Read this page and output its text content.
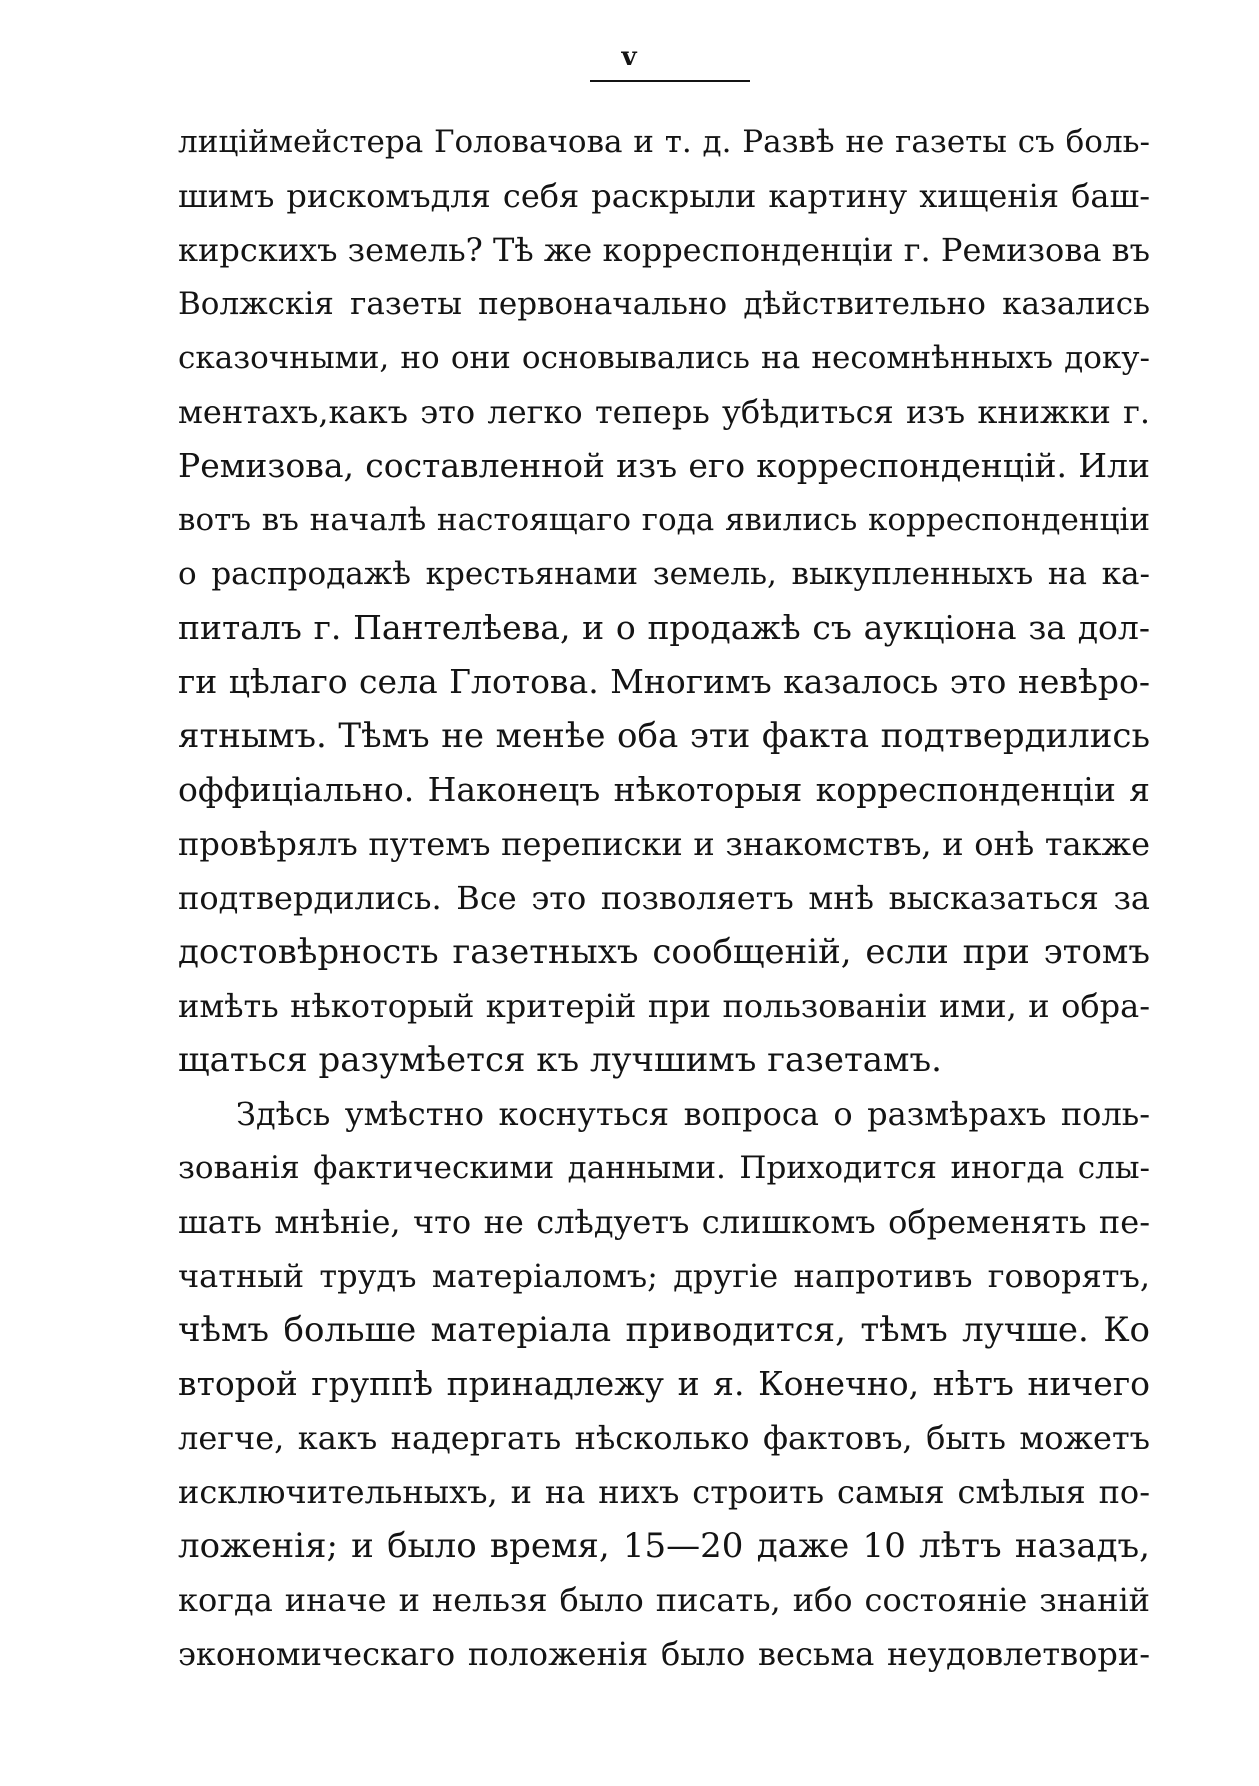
v
лицiймейстера Головачова и т. д. Развѣ не газеты съ боль-
шимъ рискомъдля себя раскрыли картину хищенiя баш-
кирскихъ земель? Тѣ же корреспонденцiи г. Ремизова въ
Волжскiя газеты первоначально дѣйствительно казались
сказочными, но они основывались на несомнѣнныхъ доку-
ментахъ,какъ это легко теперь убѣдиться изъ книжки г.
Ремизова, составленной изъ его корреспонденцiй. Или
вотъ въ началѣ настоящаго года явились корреспонденцiи
о распродажѣ крестьянами земель, выкупленныхъ на ка-
питалъ г. Пантелѣева, и о продажѣ съ аукцiона за дол-
ги цѣлаго села Глотова. Многимъ казалось это невѣро-
ятнымъ. Тѣмъ не менѣе оба эти факта подтвердились
оффицiально. Наконецъ нѣкоторыя корреспонденцiи я
провѣрялъ путемъ переписки и знакомствъ, и онѣ также
подтвердились. Все это позволяетъ мнѣ высказаться за
достовѣрность газетныхъ сообщенiй, если при этомъ
имѣть нѣкоторый критерiй при пользованiи ими, и обра-
щаться разумѣется къ лучшимъ газетамъ.
Здѣсь умѣстно коснуться вопроса о размѣрахъ поль-
зованiя фактическими данными. Приходится иногда слы-
шать мнѣнiе, что не слѣдуетъ слишкомъ обременять пе-
чатный трудъ матерiаломъ; другiе напротивъ говорятъ,
чѣмъ больше матерiала приводится, тѣмъ лучше. Ко
второй группѣ принадлежу и я. Конечно, нѣтъ ничего
легче, какъ надергать нѣсколько фактовъ, быть можетъ
исключительныхъ, и на нихъ строить самыя смѣлыя по-
ложенiя; и было время, 15—20 даже 10 лѣтъ назадъ,
когда иначе и нельзя было писать, ибо состоянiе знанiй
экономическаго положенiя было весьма неудовлетвори-
